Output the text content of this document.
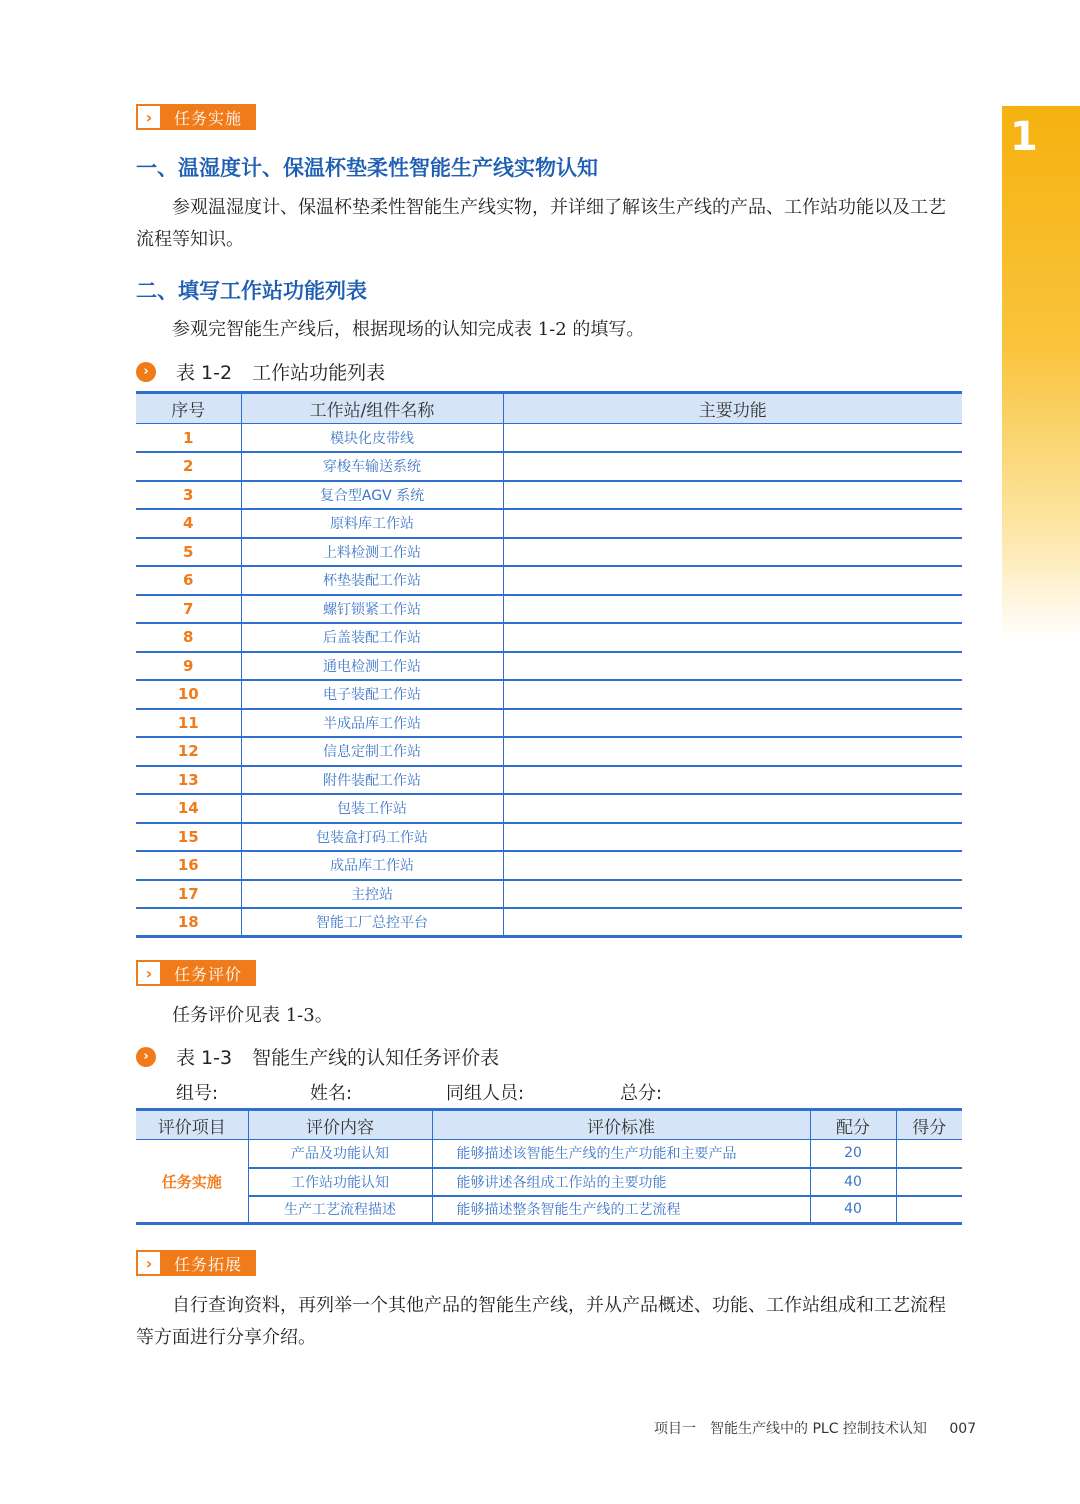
1
›	任务实施
一、温湿度计、保温杯垫柔性智能生产线实物认知
参观温湿度计、保温杯垫柔性智能生产线实物，并详细了解该生产线的产品、工作站功能以及工艺流程等知识。
二、填写工作站功能列表
参观完智能生产线后，根据现场的认知完成表 1-2 的填写。
›	表 1-2 工作站功能列表
序号	工作站/组件名称	主要功能
1	模块化皮带线	
2	穿梭车输送系统	
3	复合型AGV 系统	
4	原料库工作站	
5	上料检测工作站	
6	杯垫装配工作站	
7	螺钉锁紧工作站	
8	后盖装配工作站	
9	通电检测工作站	
10	电子装配工作站	
11	半成品库工作站	
12	信息定制工作站	
13	附件装配工作站	
14	包装工作站	
15	包装盒打码工作站	
16	成品库工作站	
17	主控站	
18	智能工厂总控平台	
›	任务评价
任务评价见表 1-3。
›	表 1-3 智能生产线的认知任务评价表
组号:	姓名:	同组人员:	总分:
评价项目	评价内容	评价标准	配分	得分
任务实施	产品及功能认知	能够描述该智能生产线的生产功能和主要产品	20	
	工作站功能认知	能够讲述各组成工作站的主要功能	40	
	生产工艺流程描述	能够描述整条智能生产线的工艺流程	40	
›	任务拓展
自行查询资料，再列举一个其他产品的智能生产线，并从产品概述、功能、工作站组成和工艺流程等方面进行分享介绍。
项目一　智能生产线中的 PLC 控制技术认知 007
